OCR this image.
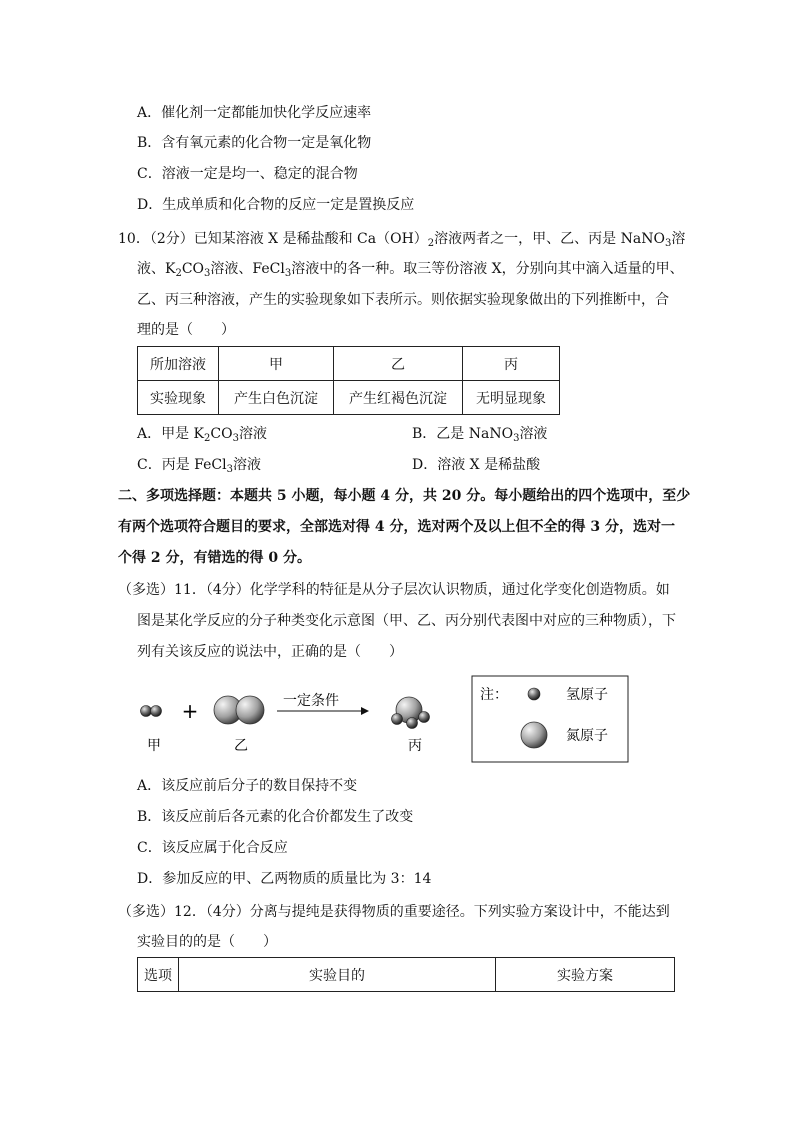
A．催化剂一定都能加快化学反应速率
B．含有氧元素的化合物一定是氧化物
C．溶液一定是均一、稳定的混合物
D．生成单质和化合物的反应一定是置换反应
10．（2分）已知某溶液 X 是稀盐酸和 $Ca(OH)_2$溶液两者之一，甲、乙、丙是 NaNO$_3$溶
液、$K_2CO_3$溶液、FeCl$_3$溶液中的各一种。取三等份溶液 X，分别向其中滴入适量的甲、
乙、丙三种溶液，产生的实验现象如下表所示。则依据实验现象做出的下列推断中，合
理的是（　　）
所加溶液	甲	乙	丙
实验现象	产生白色沉淀	产生红褐色沉淀	无明显现象
A．甲是 $K_2CO_3$溶液	B．乙是 NaNO$_3$溶液
C．丙是 FeCl$_3$溶液	D．溶液 X 是稀盐酸
二、多项选择题：本题共 5 小题，每小题 4 分，共 20 分。每小题给出的四个选项中，至少
有两个选项符合题目的要求，全部选对得 4 分，选对两个及以上但不全的得 3 分，选对一
个得 2 分，有错选的得 0 分。
（多选）11．（4分）化学学科的特征是从分子层次认识物质，通过化学变化创造物质。如
图是某化学反应的分子种类变化示意图（甲、乙、丙分别代表图中对应的三种物质），下
列有关该反应的说法中，正确的是（　　）
+	一定条件
甲	乙	丙
注：	氢原子
氮原子
A．该反应前后分子的数目保持不变
B．该反应前后各元素的化合价都发生了改变
C．该反应属于化合反应
D．参加反应的甲、乙两物质的质量比为 3：14
（多选）12．（4分）分离与提纯是获得物质的重要途径。下列实验方案设计中，不能达到
实验目的的是（　　）
选项	实验目的	实验方案
